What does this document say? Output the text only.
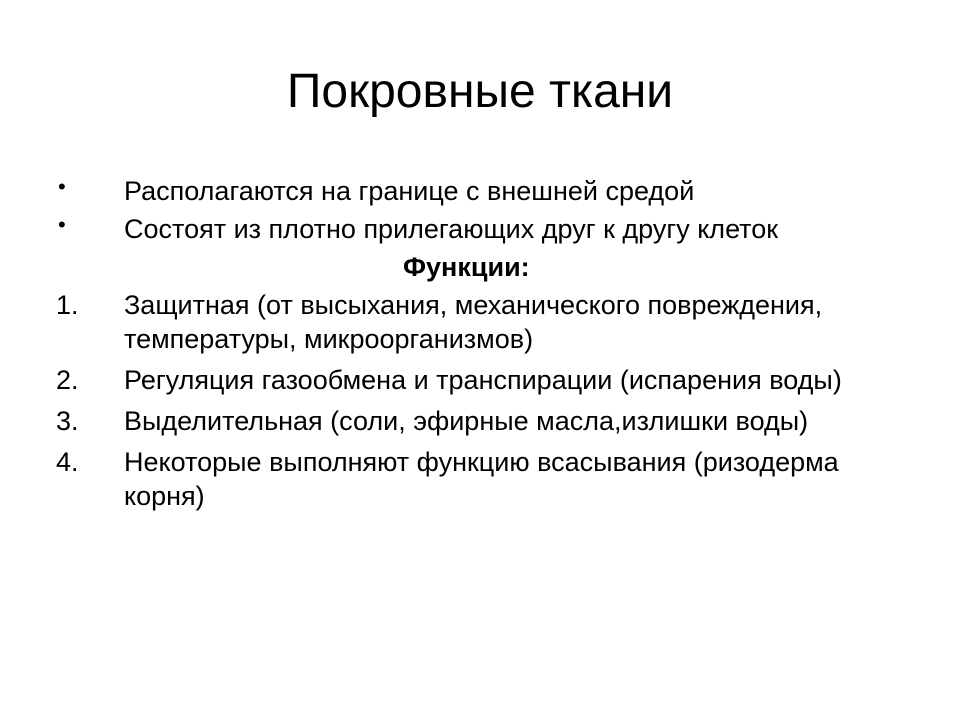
Покровные ткани
•	Располагаются на границе с внешней средой
•	Состоят из плотно прилегающих друг к другу клеток
Функции:
1.	Защитная (от высыхания, механического повреждения, температуры, микроорганизмов)
2.	Регуляция газообмена и транспирации (испарения воды)
3.	Выделительная (соли, эфирные масла,излишки воды)
4.	Некоторые выполняют функцию всасывания (ризодерма корня)
